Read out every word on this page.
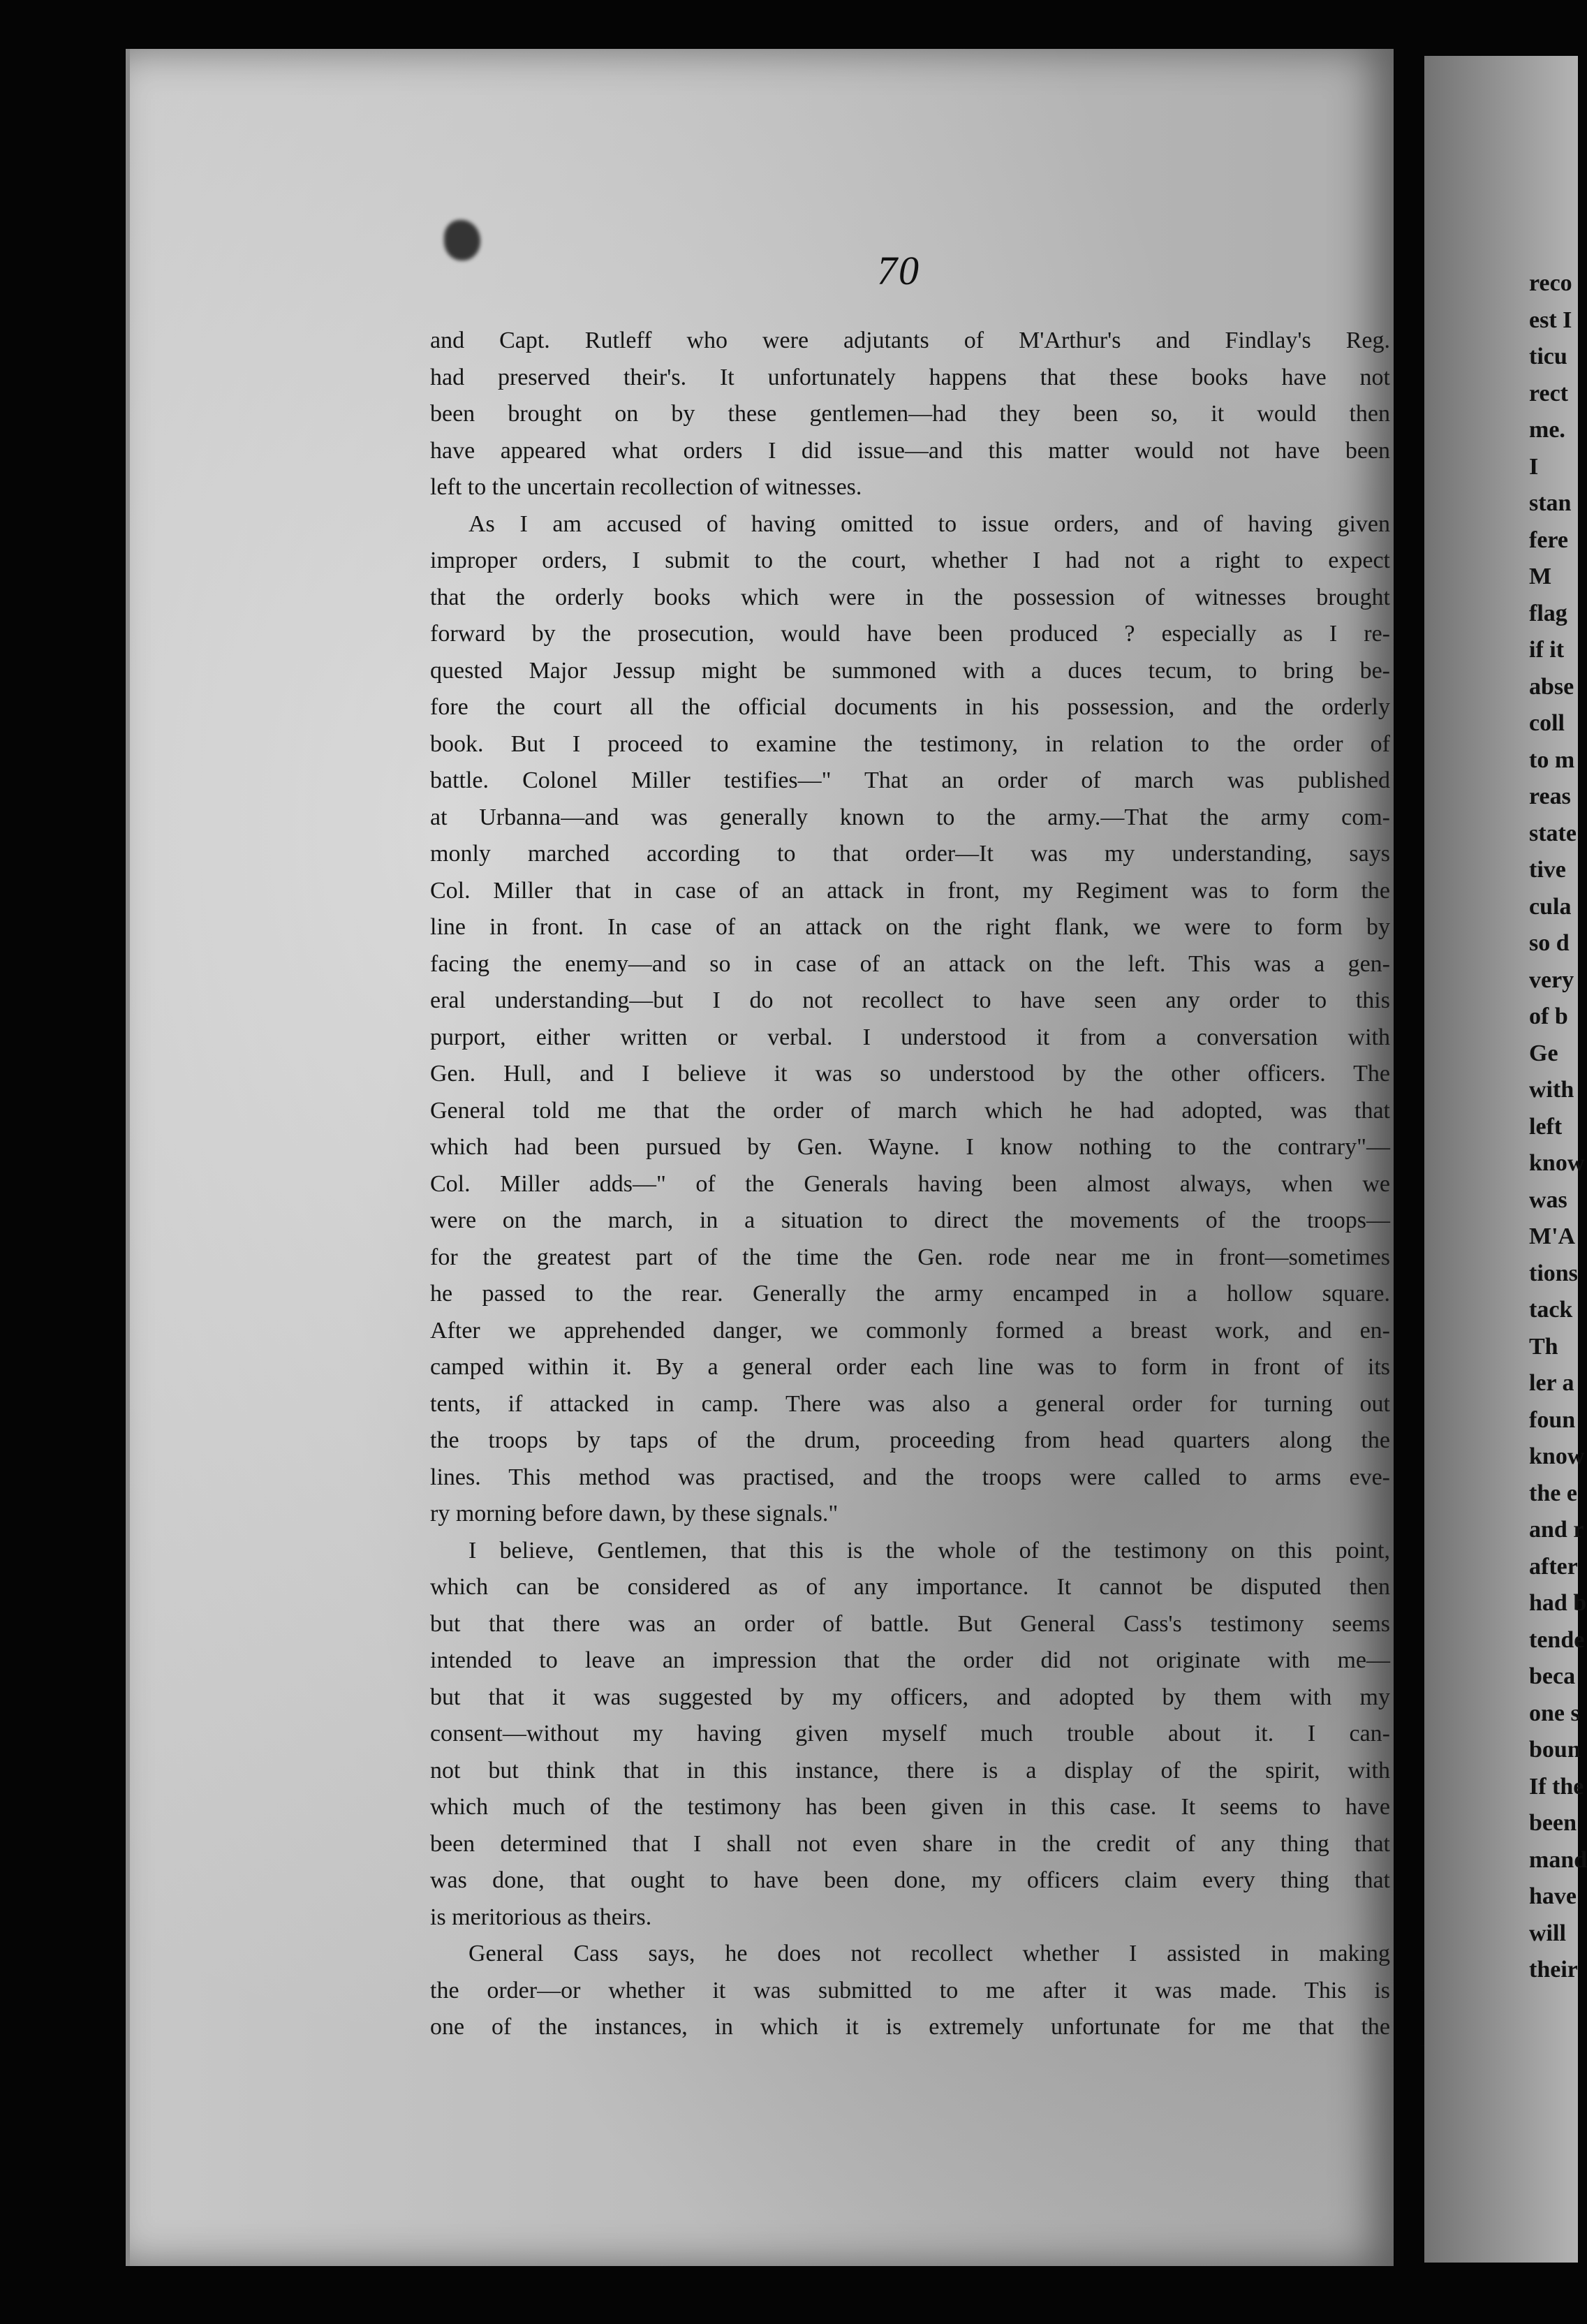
70
and Capt. Rutleff who were adjutants of M'Arthur's and Findlay's Reg.
had preserved their's. It unfortunately happens that these books have not
been brought on by these gentlemen—had they been so, it would then
have appeared what orders I did issue—and this matter would not have been
left to the uncertain recollection of witnesses.
As I am accused of having omitted to issue orders, and of having given
improper orders, I submit to the court, whether I had not a right to expect
that the orderly books which were in the possession of witnesses brought
forward by the prosecution, would have been produced ? especially as I re-
quested Major Jessup might be summoned with a duces tecum, to bring be-
fore the court all the official documents in his possession, and the orderly
book. But I proceed to examine the testimony, in relation to the order of
battle. Colonel Miller testifies—" That an order of march was published
at Urbanna—and was generally known to the army.—That the army com-
monly marched according to that order—It was my understanding, says
Col. Miller that in case of an attack in front, my Regiment was to form the
line in front. In case of an attack on the right flank, we were to form by
facing the enemy—and so in case of an attack on the left. This was a gen-
eral understanding—but I do not recollect to have seen any order to this
purport, either written or verbal. I understood it from a conversation with
Gen. Hull, and I believe it was so understood by the other officers. The
General told me that the order of march which he had adopted, was that
which had been pursued by Gen. Wayne. I know nothing to the contrary"—
Col. Miller adds—" of the Generals having been almost always, when we
were on the march, in a situation to direct the movements of the troops—
for the greatest part of the time the Gen. rode near me in front—sometimes
he passed to the rear. Generally the army encamped in a hollow square.
After we apprehended danger, we commonly formed a breast work, and en-
camped within it. By a general order each line was to form in front of its
tents, if attacked in camp. There was also a general order for turning out
the troops by taps of the drum, proceeding from head quarters along the
lines. This method was practised, and the troops were called to arms eve-
ry morning before dawn, by these signals."
I believe, Gentlemen, that this is the whole of the testimony on this point,
which can be considered as of any importance. It cannot be disputed then
but that there was an order of battle. But General Cass's testimony seems
intended to leave an impression that the order did not originate with me—
but that it was suggested by my officers, and adopted by them with my
consent—without my having given myself much trouble about it. I can-
not but think that in this instance, there is a display of the spirit, with
which much of the testimony has been given in this case. It seems to have
been determined that I shall not even share in the credit of any thing that
was done, that ought to have been done, my officers claim every thing that
is meritorious as theirs.
General Cass says, he does not recollect whether I assisted in making
the order—or whether it was submitted to me after it was made. This is
one of the instances, in which it is extremely unfortunate for me that the
reco
est I
ticu
rect
me.
I
stan
fere
M
flag
if it
abse
coll
to m
reas
state
tive
cula
so d
very
of b
Ge
with
left
know
was
M'A
tions
tack
Th
ler a
foun
know
the e
and r
after
had b
tende
beca
one s
boun
If the
been
mand
have
will
their
